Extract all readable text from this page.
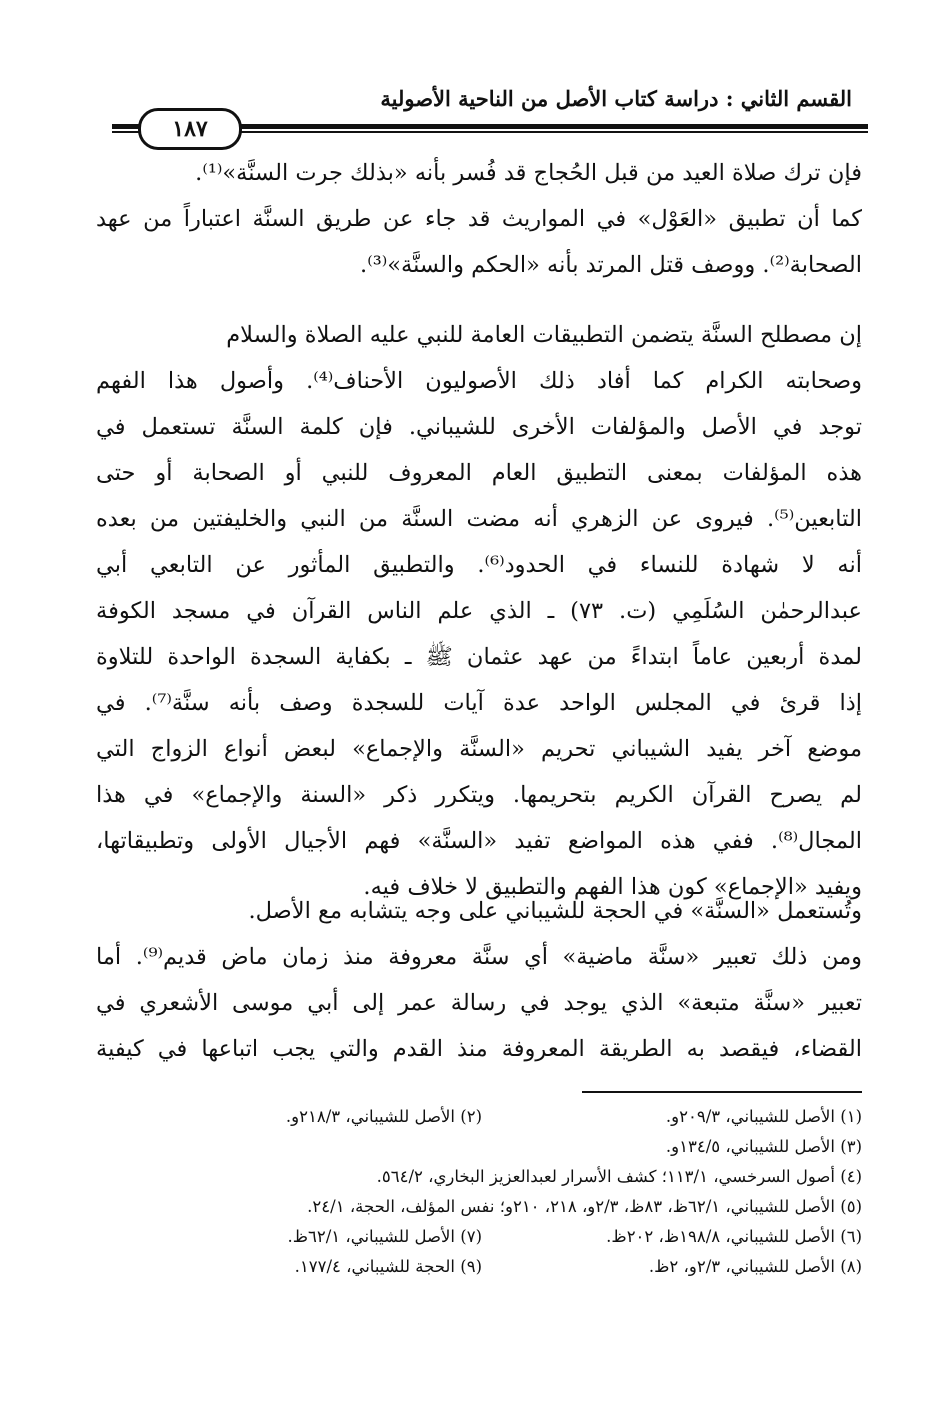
القسم الثاني : دراسة كتاب الأصل من الناحية الأصولية
١٨٧
فإن ترك صلاة العيد من قبل الحُجاج قد فُسر بأنه «بذلك جرت السنَّة»⁽¹⁾.
كما أن تطبيق «العَوْل» في المواريث قد جاء عن طريق السنَّة اعتباراً من عهد
الصحابة⁽²⁾. ووصف قتل المرتد بأنه «الحكم والسنَّة»⁽³⁾.
إن مصطلح السنَّة يتضمن التطبيقات العامة للنبي عليه الصلاة والسلام
وصحابته الكرام كما أفاد ذلك الأصوليون الأحناف⁽⁴⁾. وأصول هذا الفهم
توجد في الأصل والمؤلفات الأخرى للشيباني. فإن كلمة السنَّة تستعمل في
هذه المؤلفات بمعنى التطبيق العام المعروف للنبي أو الصحابة أو حتى
التابعين⁽⁵⁾. فيروى عن الزهري أنه مضت السنَّة من النبي والخليفتين من بعده
أنه لا شهادة للنساء في الحدود⁽⁶⁾. والتطبيق المأثور عن التابعي أبي
عبدالرحمٰن السُلَمِي (ت. ٧٣) ـ الذي علم الناس القرآن في مسجد الكوفة
لمدة أربعين عاماً ابتداءً من عهد عثمان ﷺ ـ بكفاية السجدة الواحدة للتلاوة
إذا قرئ في المجلس الواحد عدة آيات للسجدة وصف بأنه سنَّة⁽⁷⁾. في
موضع آخر يفيد الشيباني تحريم «السنَّة والإجماع» لبعض أنواع الزواج التي
لم يصرح القرآن الكريم بتحريمها. ويتكرر ذكر «السنة والإجماع» في هذا
المجال⁽⁸⁾. ففي هذه المواضع تفيد «السنَّة» فهم الأجيال الأولى وتطبيقاتها،
ويفيد «الإجماع» كون هذا الفهم والتطبيق لا خلاف فيه.
وتُستعمل «السنَّة» في الحجة للشيباني على وجه يتشابه مع الأصل.
ومن ذلك تعبير «سنَّة ماضية» أي سنَّة معروفة منذ زمان ماض قديم⁽⁹⁾. أما
تعبير «سنَّة متبعة» الذي يوجد في رسالة عمر إلى أبي موسى الأشعري في
القضاء، فيقصد به الطريقة المعروفة منذ القدم والتي يجب اتباعها في كيفية
(١) الأصل للشيباني، ٢٠٩/٣و.
(٢) الأصل للشيباني، ٢١٨/٣و.
(٣) الأصل للشيباني، ١٣٤/٥و.
(٤) أصول السرخسي، ١١٣/١؛ كشف الأسرار لعبدالعزيز البخاري، ٥٦٤/٢.
(٥) الأصل للشيباني، ٦٢/١ظ، ٨٣ظ، ٢/٣و، ٢١٨، ٢١٠و؛ نفس المؤلف، الحجة، ٢٤/١.
(٦) الأصل للشيباني، ١٩٨/٨ظ، ٢٠٢ظ.
(٧) الأصل للشيباني، ٦٢/١ظ.
(٨) الأصل للشيباني، ٢/٣و، ٢ظ.
(٩) الحجة للشيباني، ١٧٧/٤.
